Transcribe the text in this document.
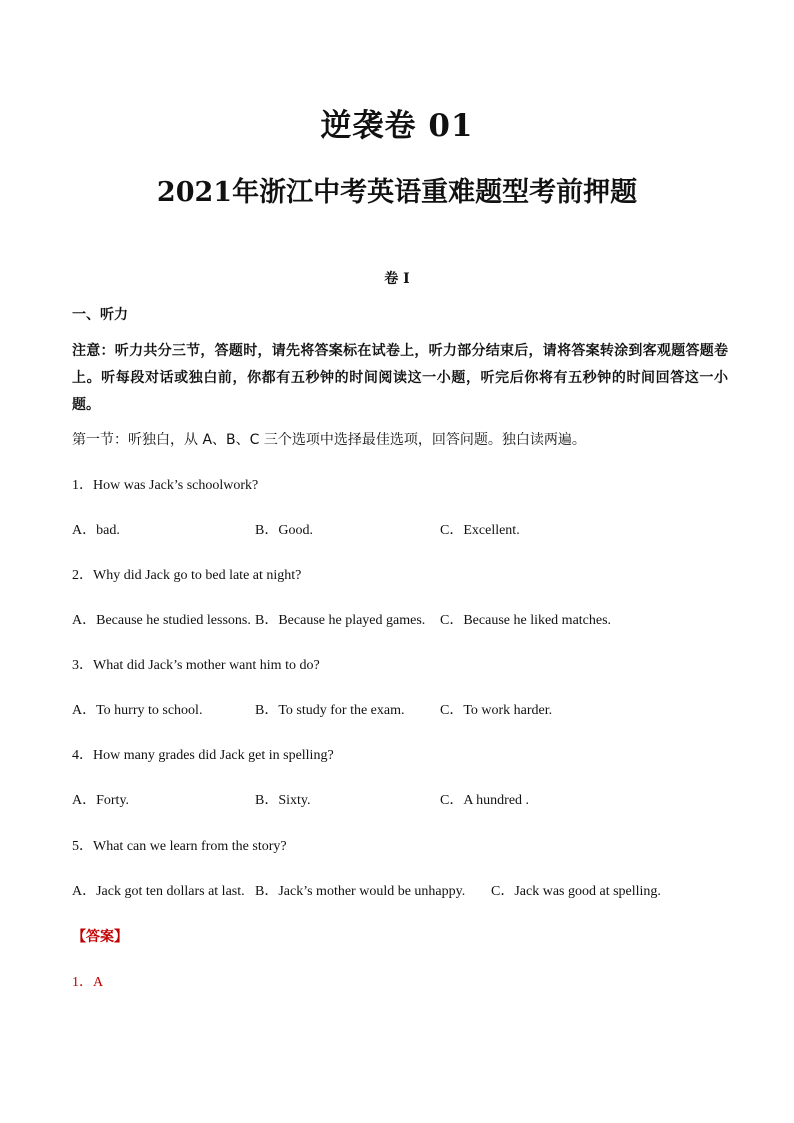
逆袭卷 01
2021年浙江中考英语重难题型考前押题
卷 I
一、听力
注意：听力共分三节，答题时，请先将答案标在试卷上，听力部分结束后，请将答案转涂到客观题答题卷上。听每段对话或独白前，你都有五秒钟的时间阅读这一小题，听完后你将有五秒钟的时间回答这一小题。
第一节：听独白，从 A、B、C 三个选项中选择最佳选项，回答问题。独白读两遍。
1．How was Jack’s schoolwork?
A．bad.	B．Good.	C．Excellent.
2．Why did Jack go to bed late at night?
A．Because he studied lessons. B．Because he played games. C．Because he liked matches.
3．What did Jack’s mother want him to do?
A．To hurry to school.	B．To study for the exam.	C．To work harder.
4．How many grades did Jack get in spelling?
A．Forty.	B．Sixty.	C．A hundred .
5．What can we learn from the story?
A．Jack got ten dollars at last. B．Jack’s mother would be unhappy. C．Jack was good at spelling.
【答案】
1．A
